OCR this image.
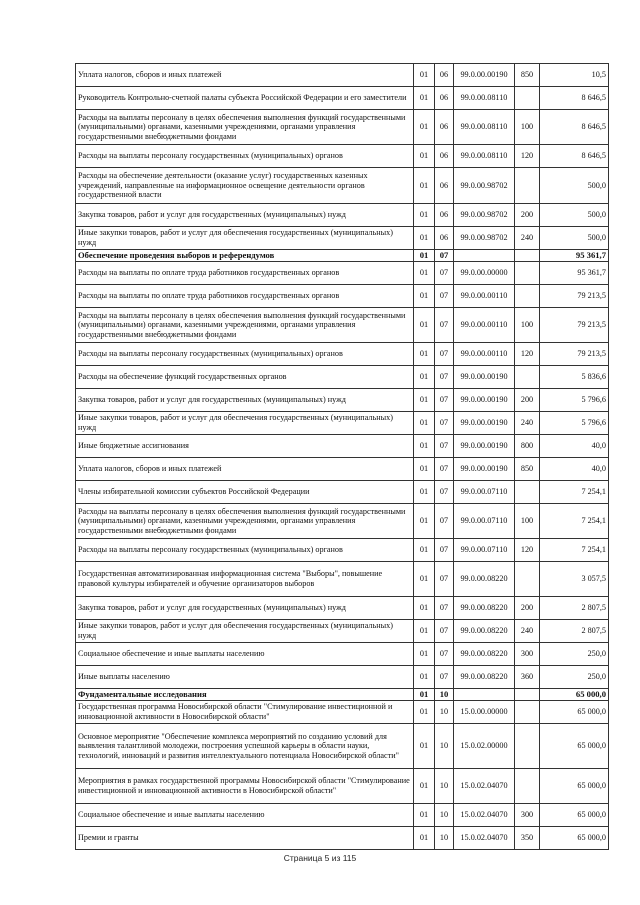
Уплата налогов, сборов и иных платежей	01	06	99.0.00.00190	850	10,5
Руководитель Контрольно-счетной палаты субъекта Российской Федерации и его заместители	01	06	99.0.00.08110		8 646,5
Расходы на выплаты персоналу в целях обеспечения выполнения функций государственными (муниципальными) органами, казенными учреждениями, органами управления государственными внебюджетными фондами	01	06	99.0.00.08110	100	8 646,5
Расходы на выплаты персоналу государственных (муниципальных) органов	01	06	99.0.00.08110	120	8 646,5
Расходы на обеспечение деятельности (оказание услуг) государственных казенных учреждений, направленные на информационное освещение деятельности органов государственной власти	01	06	99.0.00.98702		500,0
Закупка товаров, работ и услуг для государственных (муниципальных) нужд	01	06	99.0.00.98702	200	500,0
Иные закупки товаров, работ и услуг для обеспечения государственных (муниципальных) нужд	01	06	99.0.00.98702	240	500,0
Обеспечение проведения выборов и референдумов	01	07			95 361,7
Расходы на выплаты по оплате труда работников государственных органов	01	07	99.0.00.00000		95 361,7
Расходы на выплаты по оплате труда работников государственных органов	01	07	99.0.00.00110		79 213,5
Расходы на выплаты персоналу в целях обеспечения выполнения функций государственными (муниципальными) органами, казенными учреждениями, органами управления государственными внебюджетными фондами	01	07	99.0.00.00110	100	79 213,5
Расходы на выплаты персоналу государственных (муниципальных) органов	01	07	99.0.00.00110	120	79 213,5
Расходы на обеспечение функций государственных органов	01	07	99.0.00.00190		5 836,6
Закупка товаров, работ и услуг для государственных (муниципальных) нужд	01	07	99.0.00.00190	200	5 796,6
Иные закупки товаров, работ и услуг для обеспечения государственных (муниципальных) нужд	01	07	99.0.00.00190	240	5 796,6
Иные бюджетные ассигнования	01	07	99.0.00.00190	800	40,0
Уплата налогов, сборов и иных платежей	01	07	99.0.00.00190	850	40,0
Члены избирательной комиссии субъектов Российской Федерации	01	07	99.0.00.07110		7 254,1
Расходы на выплаты персоналу в целях обеспечения выполнения функций государственными (муниципальными) органами, казенными учреждениями, органами управления государственными внебюджетными фондами	01	07	99.0.00.07110	100	7 254,1
Расходы на выплаты персоналу государственных (муниципальных) органов	01	07	99.0.00.07110	120	7 254,1
Государственная автоматизированная информационная система "Выборы", повышение правовой культуры избирателей и обучение организаторов выборов	01	07	99.0.00.08220		3 057,5
Закупка товаров, работ и услуг для государственных (муниципальных) нужд	01	07	99.0.00.08220	200	2 807,5
Иные закупки товаров, работ и услуг для обеспечения государственных (муниципальных) нужд	01	07	99.0.00.08220	240	2 807,5
Социальное обеспечение и иные выплаты населению	01	07	99.0.00.08220	300	250,0
Иные выплаты населению	01	07	99.0.00.08220	360	250,0
Фундаментальные исследования	01	10			65 000,0
Государственная программа Новосибирской области "Стимулирование инвестиционной и инновационной активности в Новосибирской области"	01	10	15.0.00.00000		65 000,0
Основное мероприятие "Обеспечение комплекса мероприятий по созданию условий для выявления талантливой молодежи, построения успешной карьеры в области науки, технологий, инноваций и развития интеллектуального потенциала Новосибирской области"	01	10	15.0.02.00000		65 000,0
Мероприятия в рамках государственной программы Новосибирской области "Стимулирование инвестиционной и инновационной активности в Новосибирской области"	01	10	15.0.02.04070		65 000,0
Социальное обеспечение и иные выплаты населению	01	10	15.0.02.04070	300	65 000,0
Премии и гранты	01	10	15.0.02.04070	350	65 000,0
Страница 5 из 115
